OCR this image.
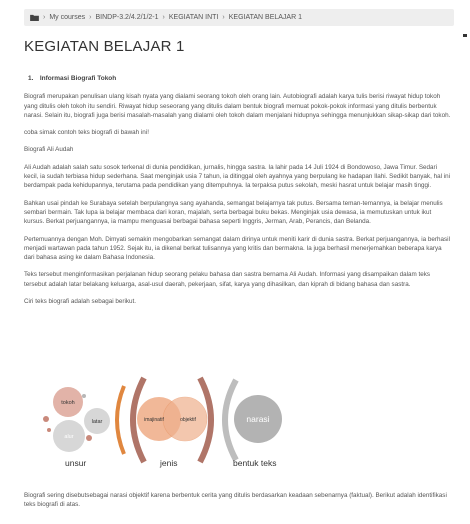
› My courses › BINDP-3.2/4.2/1/2-1 › KEGIATAN INTI › KEGIATAN BELAJAR 1
KEGIATAN BELAJAR 1
1. Informasi Biografi Tokoh

Biografi merupakan penulisan ulang kisah nyata yang dialami seorang tokoh oleh orang lain. Autobiografi adalah karya tulis berisi riwayat hidup tokoh yang ditulis oleh tokoh itu sendiri. Riwayat hidup seseorang yang ditulis dalam bentuk biografi memuat pokok-pokok informasi yang ditulis berbentuk narasi. Selain itu, biografi juga berisi masalah-masalah yang dialami oleh tokoh dalam menjalani hidupnya sehingga menunjukkan sikap-sikap dari tokoh.

coba simak contoh teks biografi di bawah ini!

Biografi Ali Audah

Ali Audah adalah salah satu sosok terkenal di dunia pendidikan, jurnalis, hingga sastra. Ia lahir pada 14 Juli 1924 di Bondowoso, Jawa Timur. Sedari kecil, ia sudah terbiasa hidup sederhana. Saat menginjak usia 7 tahun, ia ditinggal oleh ayahnya yang berpulang ke hadapan Ilahi. Sedikit banyak, hal ini berdampak pada kehidupannya, terutama pada pendidikan yang ditempuhnya. Ia terpaksa putus sekolah, meski hasrat untuk belajar masih tinggi.

Bahkan usai pindah ke Surabaya setelah berpulangnya sang ayahanda, semangat belajarnya tak putus. Bersama teman-temannya, ia belajar menulis sembari bermain. Tak lupa ia belajar membaca dari koran, majalah, serta berbagai buku bekas. Menginjak usia dewasa, ia memutuskan untuk ikut kursus. Berkat perjuangannya, ia mampu menguasai berbagai bahasa seperti Inggris, Jerman, Arab, Perancis, dan Belanda.

Pertemuannya dengan Moh. Dimyati semakin mengobarkan semangat dalam dirinya untuk meniti karir di dunia sastra. Berkat perjuangannya, ia berhasil menjadi wartawan pada tahun 1952. Sejak itu, ia dikenal berkat tulisannya yang kritis dan bermakna. Ia juga berhasil menerjemahkan beberapa karya dari bahasa asing ke dalam Bahasa Indonesia.

Teks tersebut menginformasikan perjalanan hidup seorang pelaku bahasa dan sastra bernama Ali Audah. Informasi yang disampaikan dalam teks tersebut adalah latar belakang keluarga, asal-usul daerah, pekerjaan, sifat, karya yang dihasilkan, dan kiprah di bidang bahasa dan sastra.

Ciri teks biografi adalah sebagai berikut.

tokoh
latar
alur
imajinatif	objektif	narasi
unsur	jenis	bentuk teks

Biografi sering disebutsebagai narasi objektif karena berbentuk cerita yang ditulis berdasarkan keadaan sebenarnya (faktual). Berikut adalah identifikasi teks biografi di atas.
